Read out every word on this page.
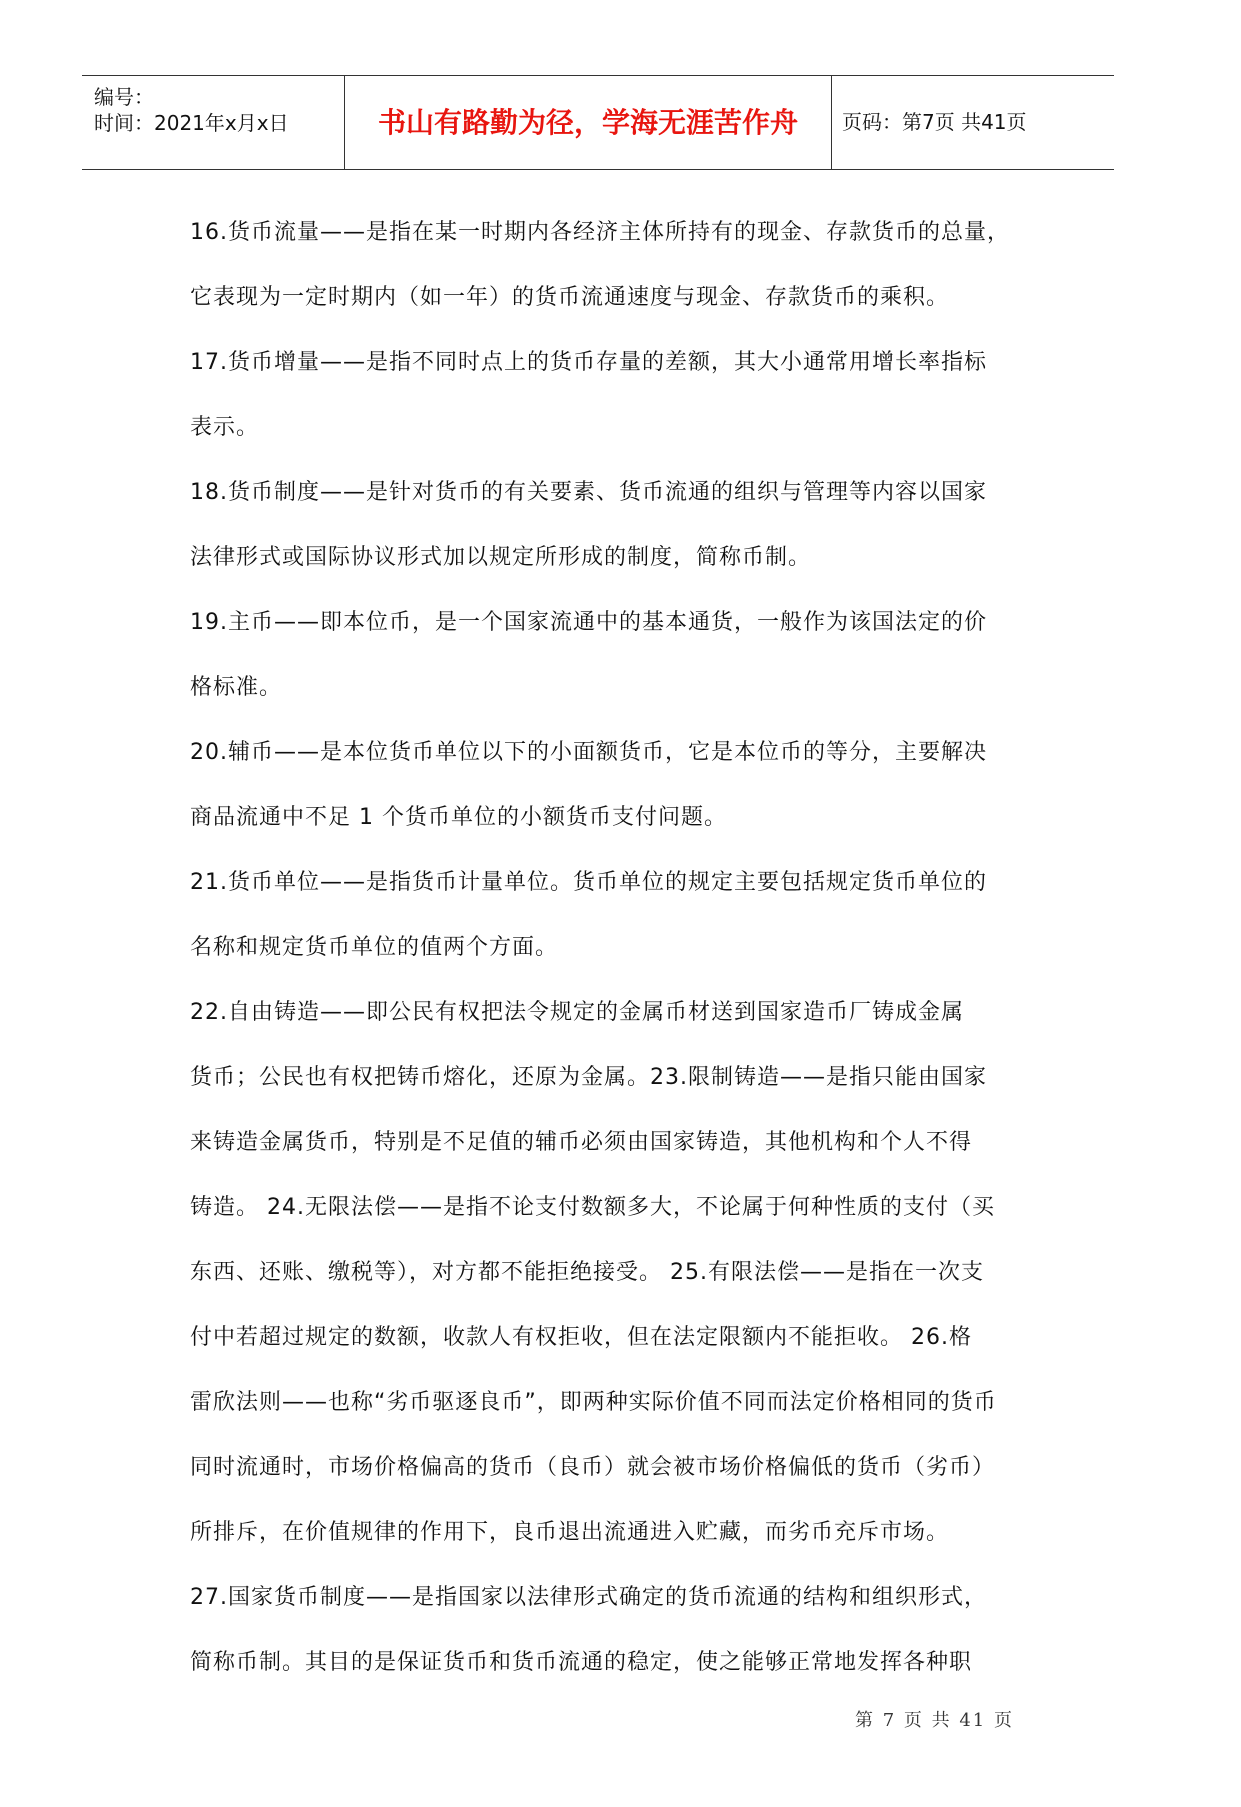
编号：
时间：2021年x月x日	书山有路勤为径，学海无涯苦作舟	页码：第7页 共41页
16.货币流量——是指在某一时期内各经济主体所持有的现金、存款货币的总量，
它表现为一定时期内（如一年）的货币流通速度与现金、存款货币的乘积。
17.货币增量——是指不同时点上的货币存量的差额，其大小通常用增长率指标
表示。
18.货币制度——是针对货币的有关要素、货币流通的组织与管理等内容以国家
法律形式或国际协议形式加以规定所形成的制度，简称币制。
19.主币——即本位币，是一个国家流通中的基本通货，一般作为该国法定的价
格标准。
20.辅币——是本位货币单位以下的小面额货币，它是本位币的等分，主要解决
商品流通中不足 1 个货币单位的小额货币支付问题。
21.货币单位——是指货币计量单位。货币单位的规定主要包括规定货币单位的
名称和规定货币单位的值两个方面。
22.自由铸造——即公民有权把法令规定的金属币材送到国家造币厂铸成金属
货币；公民也有权把铸币熔化，还原为金属。23.限制铸造——是指只能由国家
来铸造金属货币，特别是不足值的辅币必须由国家铸造，其他机构和个人不得
铸造。 24.无限法偿——是指不论支付数额多大，不论属于何种性质的支付（买
东西、还账、缴税等），对方都不能拒绝接受。 25.有限法偿——是指在一次支
付中若超过规定的数额，收款人有权拒收，但在法定限额内不能拒收。 26.格
雷欣法则——也称“劣币驱逐良币”，即两种实际价值不同而法定价格相同的货币
同时流通时，市场价格偏高的货币（良币）就会被市场价格偏低的货币（劣币）
所排斥，在价值规律的作用下，良币退出流通进入贮藏，而劣币充斥市场。
27.国家货币制度——是指国家以法律形式确定的货币流通的结构和组织形式，
简称币制。其目的是保证货币和货币流通的稳定，使之能够正常地发挥各种职
第 7 页 共 41 页
